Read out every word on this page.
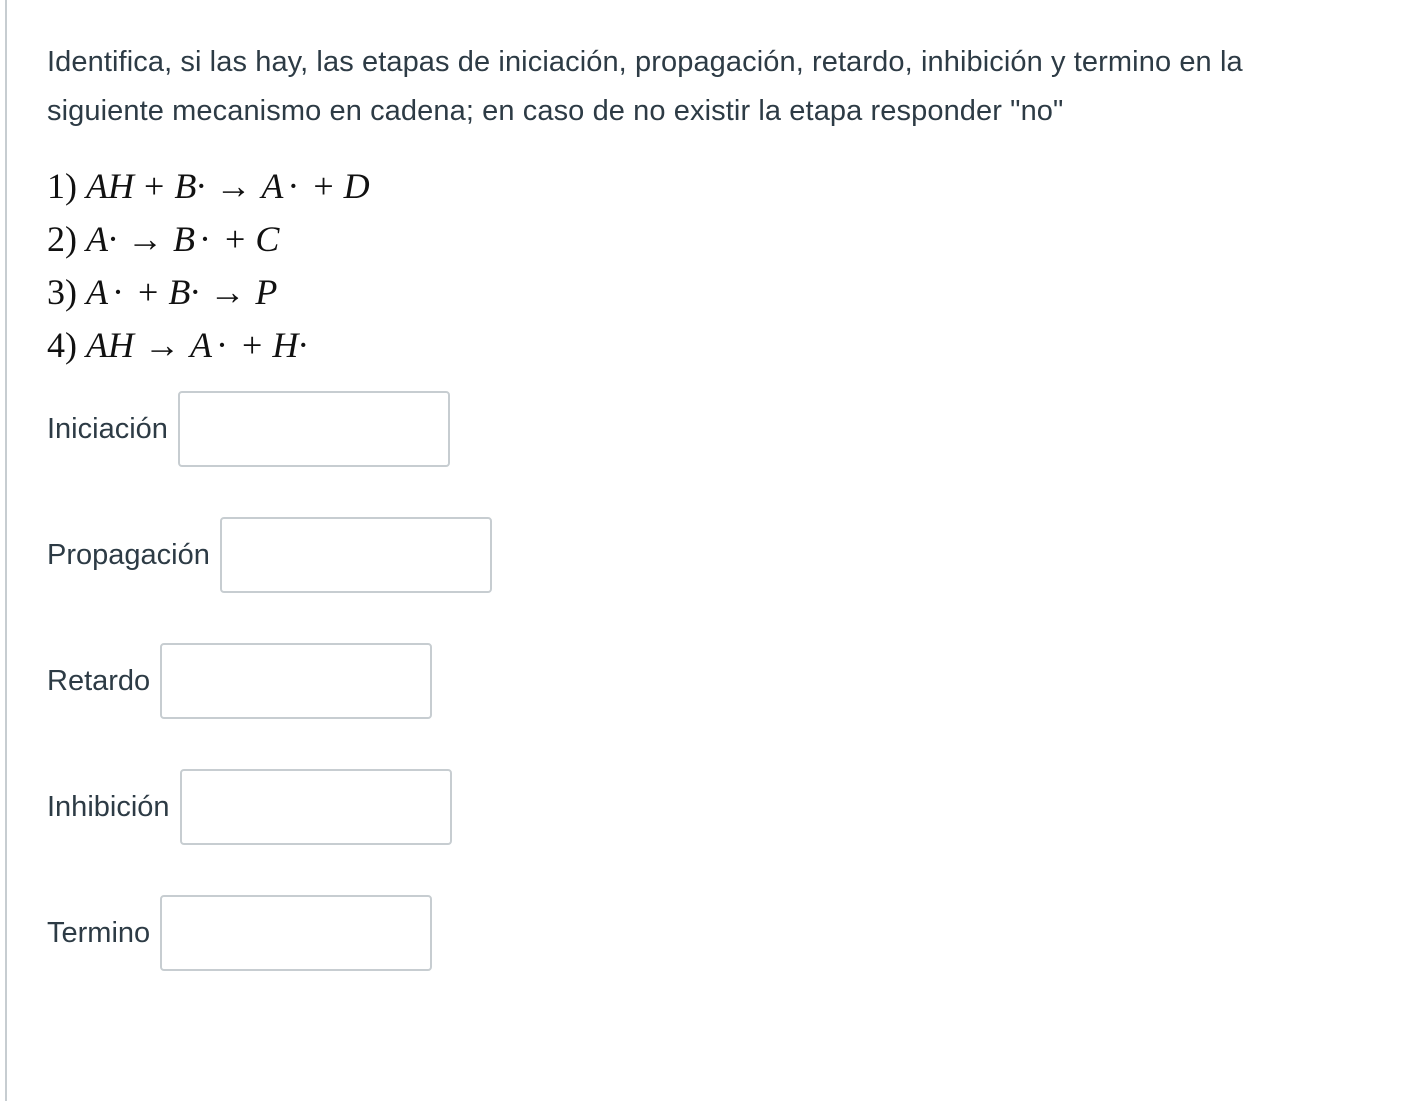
Identifica, si las hay, las etapas de iniciación, propagación, retardo, inhibición y termino en la siguiente mecanismo en cadena; en caso de no existir la etapa responder "no"

1) AH + B· → A · + D
2) A· → B · + C
3) A · + B· → P
4) AH → A · + H·
Iniciación
Propagación
Retardo
Inhibición
Termino
